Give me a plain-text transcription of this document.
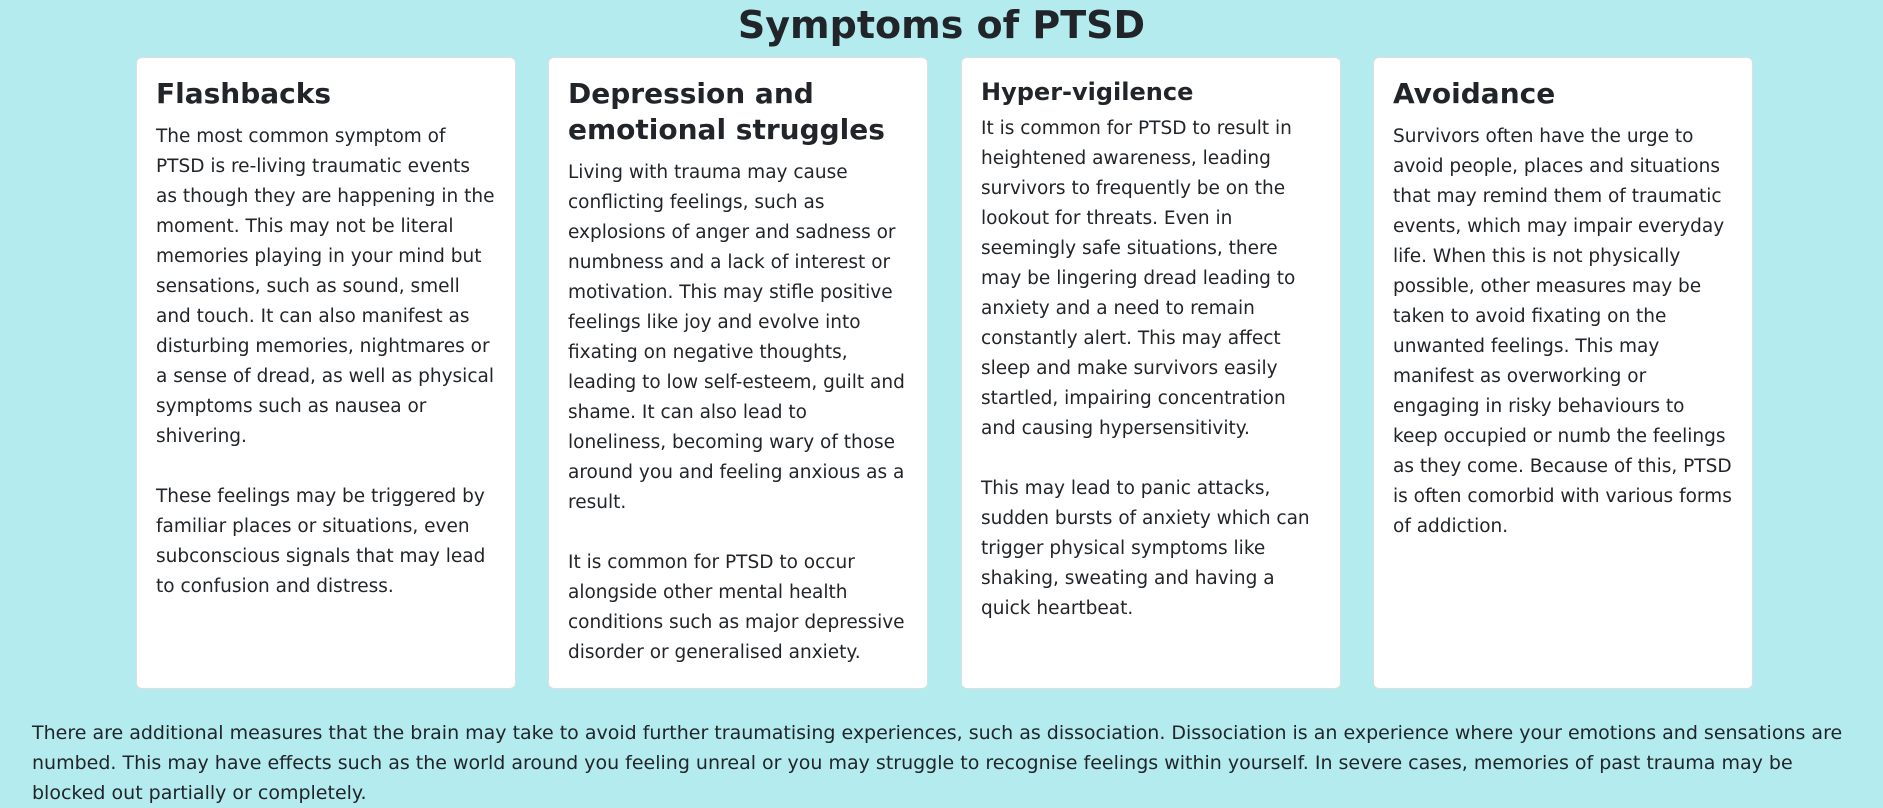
Symptoms of PTSD
Flashbacks

The most common symptom of PTSD is re-living traumatic events as though they are happening in the moment. This may not be literal memories playing in your mind but sensations, such as sound, smell and touch. It can also manifest as disturbing memories, nightmares or a sense of dread, as well as physical symptoms such as nausea or shivering.

These feelings may be triggered by familiar places or situations, even subconscious signals that may lead to confusion and distress.

Depression and emotional struggles

Living with trauma may cause conflicting feelings, such as explosions of anger and sadness or numbness and a lack of interest or motivation. This may stifle positive feelings like joy and evolve into fixating on negative thoughts, leading to low self-esteem, guilt and shame. It can also lead to loneliness, becoming wary of those around you and feeling anxious as a result.

It is common for PTSD to occur alongside other mental health conditions such as major depressive disorder or generalised anxiety.

Hyper-vigilence

It is common for PTSD to result in heightened awareness, leading survivors to frequently be on the lookout for threats. Even in seemingly safe situations, there may be lingering dread leading to anxiety and a need to remain constantly alert. This may affect sleep and make survivors easily startled, impairing concentration and causing hypersensitivity.

This may lead to panic attacks, sudden bursts of anxiety which can trigger physical symptoms like shaking, sweating and having a quick heartbeat.

Avoidance

Survivors often have the urge to avoid people, places and situations that may remind them of traumatic events, which may impair everyday life. When this is not physically possible, other measures may be taken to avoid fixating on the unwanted feelings. This may manifest as overworking or engaging in risky behaviours to keep occupied or numb the feelings as they come. Because of this, PTSD is often comorbid with various forms of addiction.

There are additional measures that the brain may take to avoid further traumatising experiences, such as dissociation. Dissociation is an experience where your emotions and sensations are numbed. This may have effects such as the world around you feeling unreal or you may struggle to recognise feelings within yourself. In severe cases, memories of past trauma may be blocked out partially or completely.
